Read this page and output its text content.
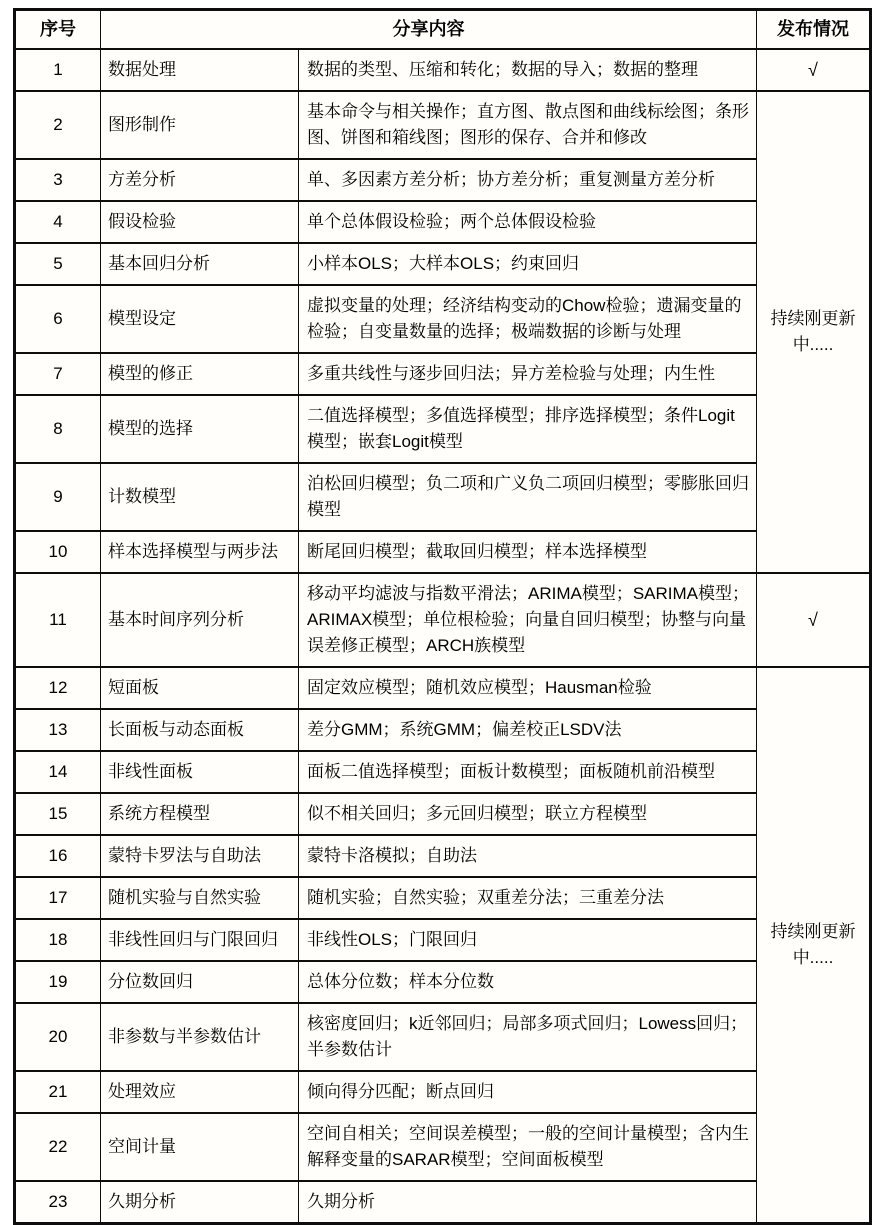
序号	分享内容		发布情况
1	数据处理	数据的类型、压缩和转化；数据的导入；数据的整理	√
2	图形制作	基本命令与相关操作；直方图、散点图和曲线标绘图；条形图、饼图和箱线图；图形的保存、合并和修改	持续刚更新中.....
3	方差分析	单、多因素方差分析；协方差分析；重复测量方差分析	
4	假设检验	单个总体假设检验；两个总体假设检验	
5	基本回归分析	小样本OLS；大样本OLS；约束回归	
6	模型设定	虚拟变量的处理；经济结构变动的Chow检验；遗漏变量的检验；自变量数量的选择；极端数据的诊断与处理	
7	模型的修正	多重共线性与逐步回归法；异方差检验与处理；内生性	
8	模型的选择	二值选择模型；多值选择模型；排序选择模型；条件Logit模型；嵌套Logit模型	
9	计数模型	泊松回归模型；负二项和广义负二项回归模型；零膨胀回归模型	
10	样本选择模型与两步法	断尾回归模型；截取回归模型；样本选择模型	
11	基本时间序列分析	移动平均滤波与指数平滑法；ARIMA模型；SARIMA模型；ARIMAX模型；单位根检验；向量自回归模型；协整与向量误差修正模型；ARCH族模型	√
12	短面板	固定效应模型；随机效应模型；Hausman检验	持续刚更新中.....
13	长面板与动态面板	差分GMM；系统GMM；偏差校正LSDV法	
14	非线性面板	面板二值选择模型；面板计数模型；面板随机前沿模型	
15	系统方程模型	似不相关回归；多元回归模型；联立方程模型	
16	蒙特卡罗法与自助法	蒙特卡洛模拟；自助法	
17	随机实验与自然实验	随机实验；自然实验；双重差分法；三重差分法	
18	非线性回归与门限回归	非线性OLS；门限回归	
19	分位数回归	总体分位数；样本分位数	
20	非参数与半参数估计	核密度回归；k近邻回归；局部多项式回归；Lowess回归；半参数估计	
21	处理效应	倾向得分匹配；断点回归	
22	空间计量	空间自相关；空间误差模型；一般的空间计量模型；含内生解释变量的SARAR模型；空间面板模型	
23	久期分析	久期分析	
